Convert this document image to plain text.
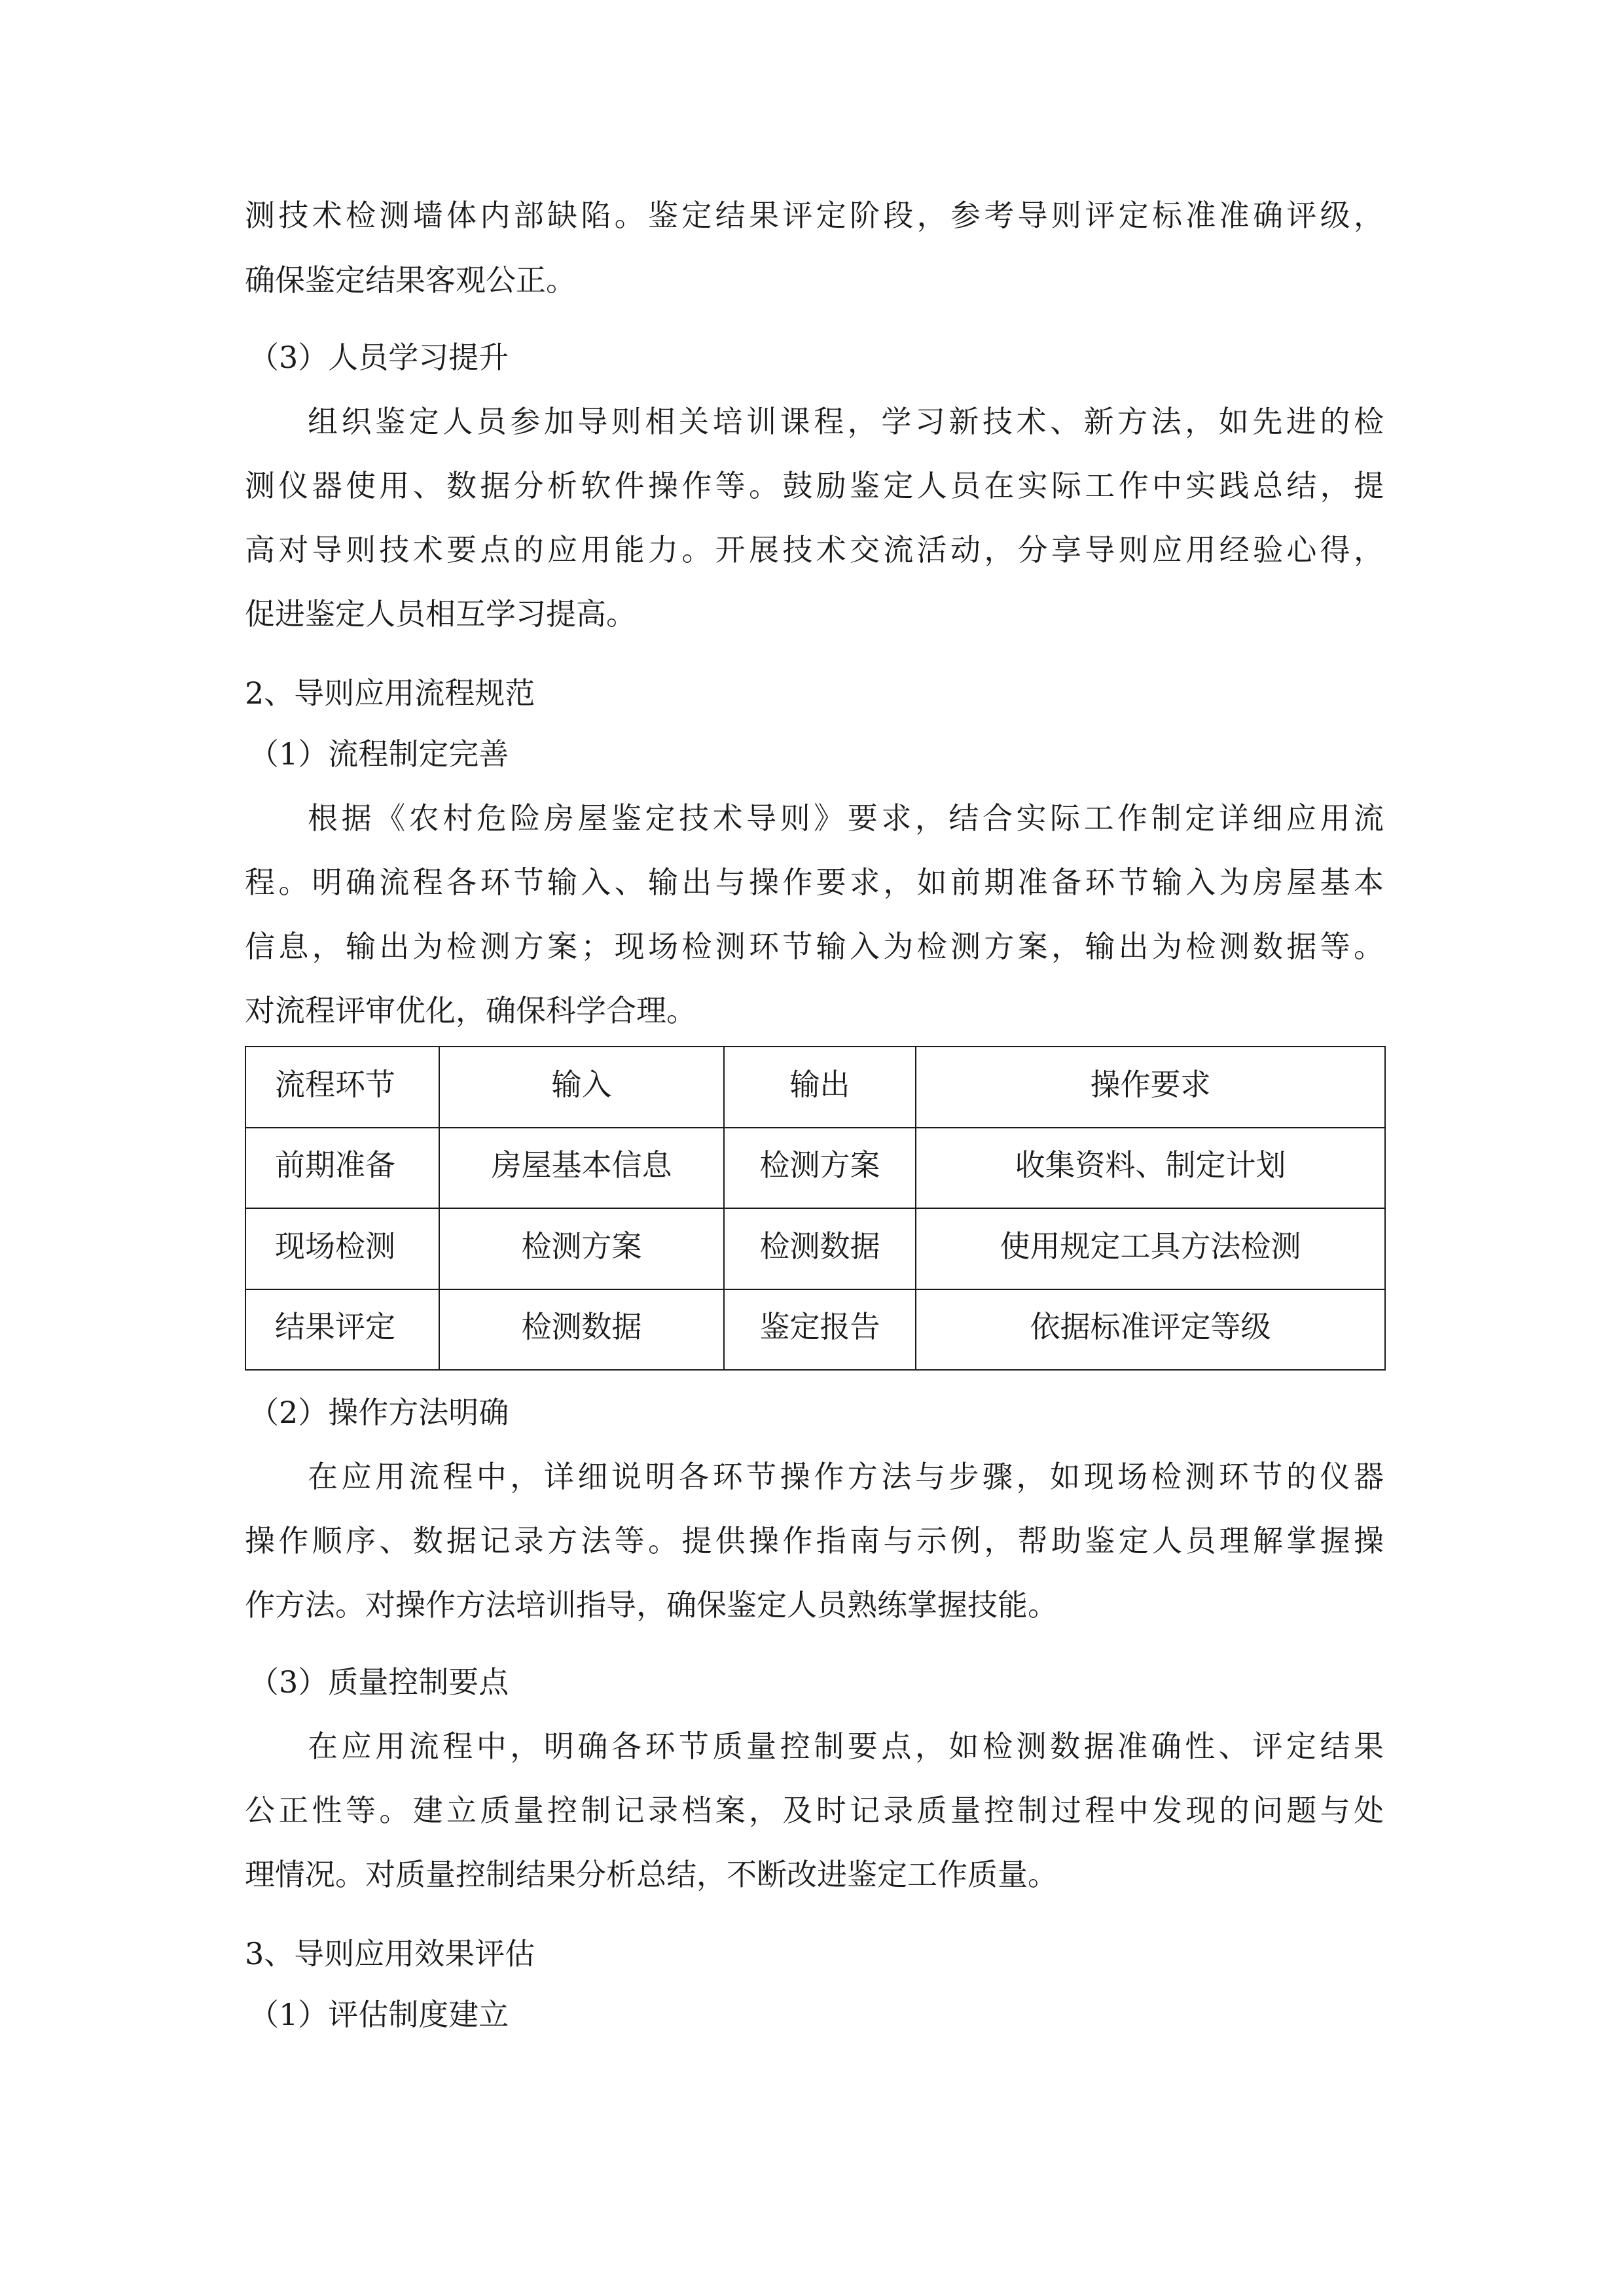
测技术检测墙体内部缺陷。鉴定结果评定阶段，参考导则评定标准准确评级，

确保鉴定结果客观公正。

（3）人员学习提升

组织鉴定人员参加导则相关培训课程，学习新技术、新方法，如先进的检

测仪器使用、数据分析软件操作等。鼓励鉴定人员在实际工作中实践总结，提

高对导则技术要点的应用能力。开展技术交流活动，分享导则应用经验心得，

促进鉴定人员相互学习提高。

2、导则应用流程规范

（1）流程制定完善

根据《农村危险房屋鉴定技术导则》要求，结合实际工作制定详细应用流

程。明确流程各环节输入、输出与操作要求，如前期准备环节输入为房屋基本

信息，输出为检测方案；现场检测环节输入为检测方案，输出为检测数据等。

对流程评审优化，确保科学合理。

流程环节	输入	输出	操作要求
前期准备	房屋基本信息	检测方案	收集资料、制定计划
现场检测	检测方案	检测数据	使用规定工具方法检测
结果评定	检测数据	鉴定报告	依据标准评定等级

（2）操作方法明确

在应用流程中，详细说明各环节操作方法与步骤，如现场检测环节的仪器

操作顺序、数据记录方法等。提供操作指南与示例，帮助鉴定人员理解掌握操

作方法。对操作方法培训指导，确保鉴定人员熟练掌握技能。

（3）质量控制要点

在应用流程中，明确各环节质量控制要点，如检测数据准确性、评定结果

公正性等。建立质量控制记录档案，及时记录质量控制过程中发现的问题与处

理情况。对质量控制结果分析总结，不断改进鉴定工作质量。

3、导则应用效果评估

（1）评估制度建立
